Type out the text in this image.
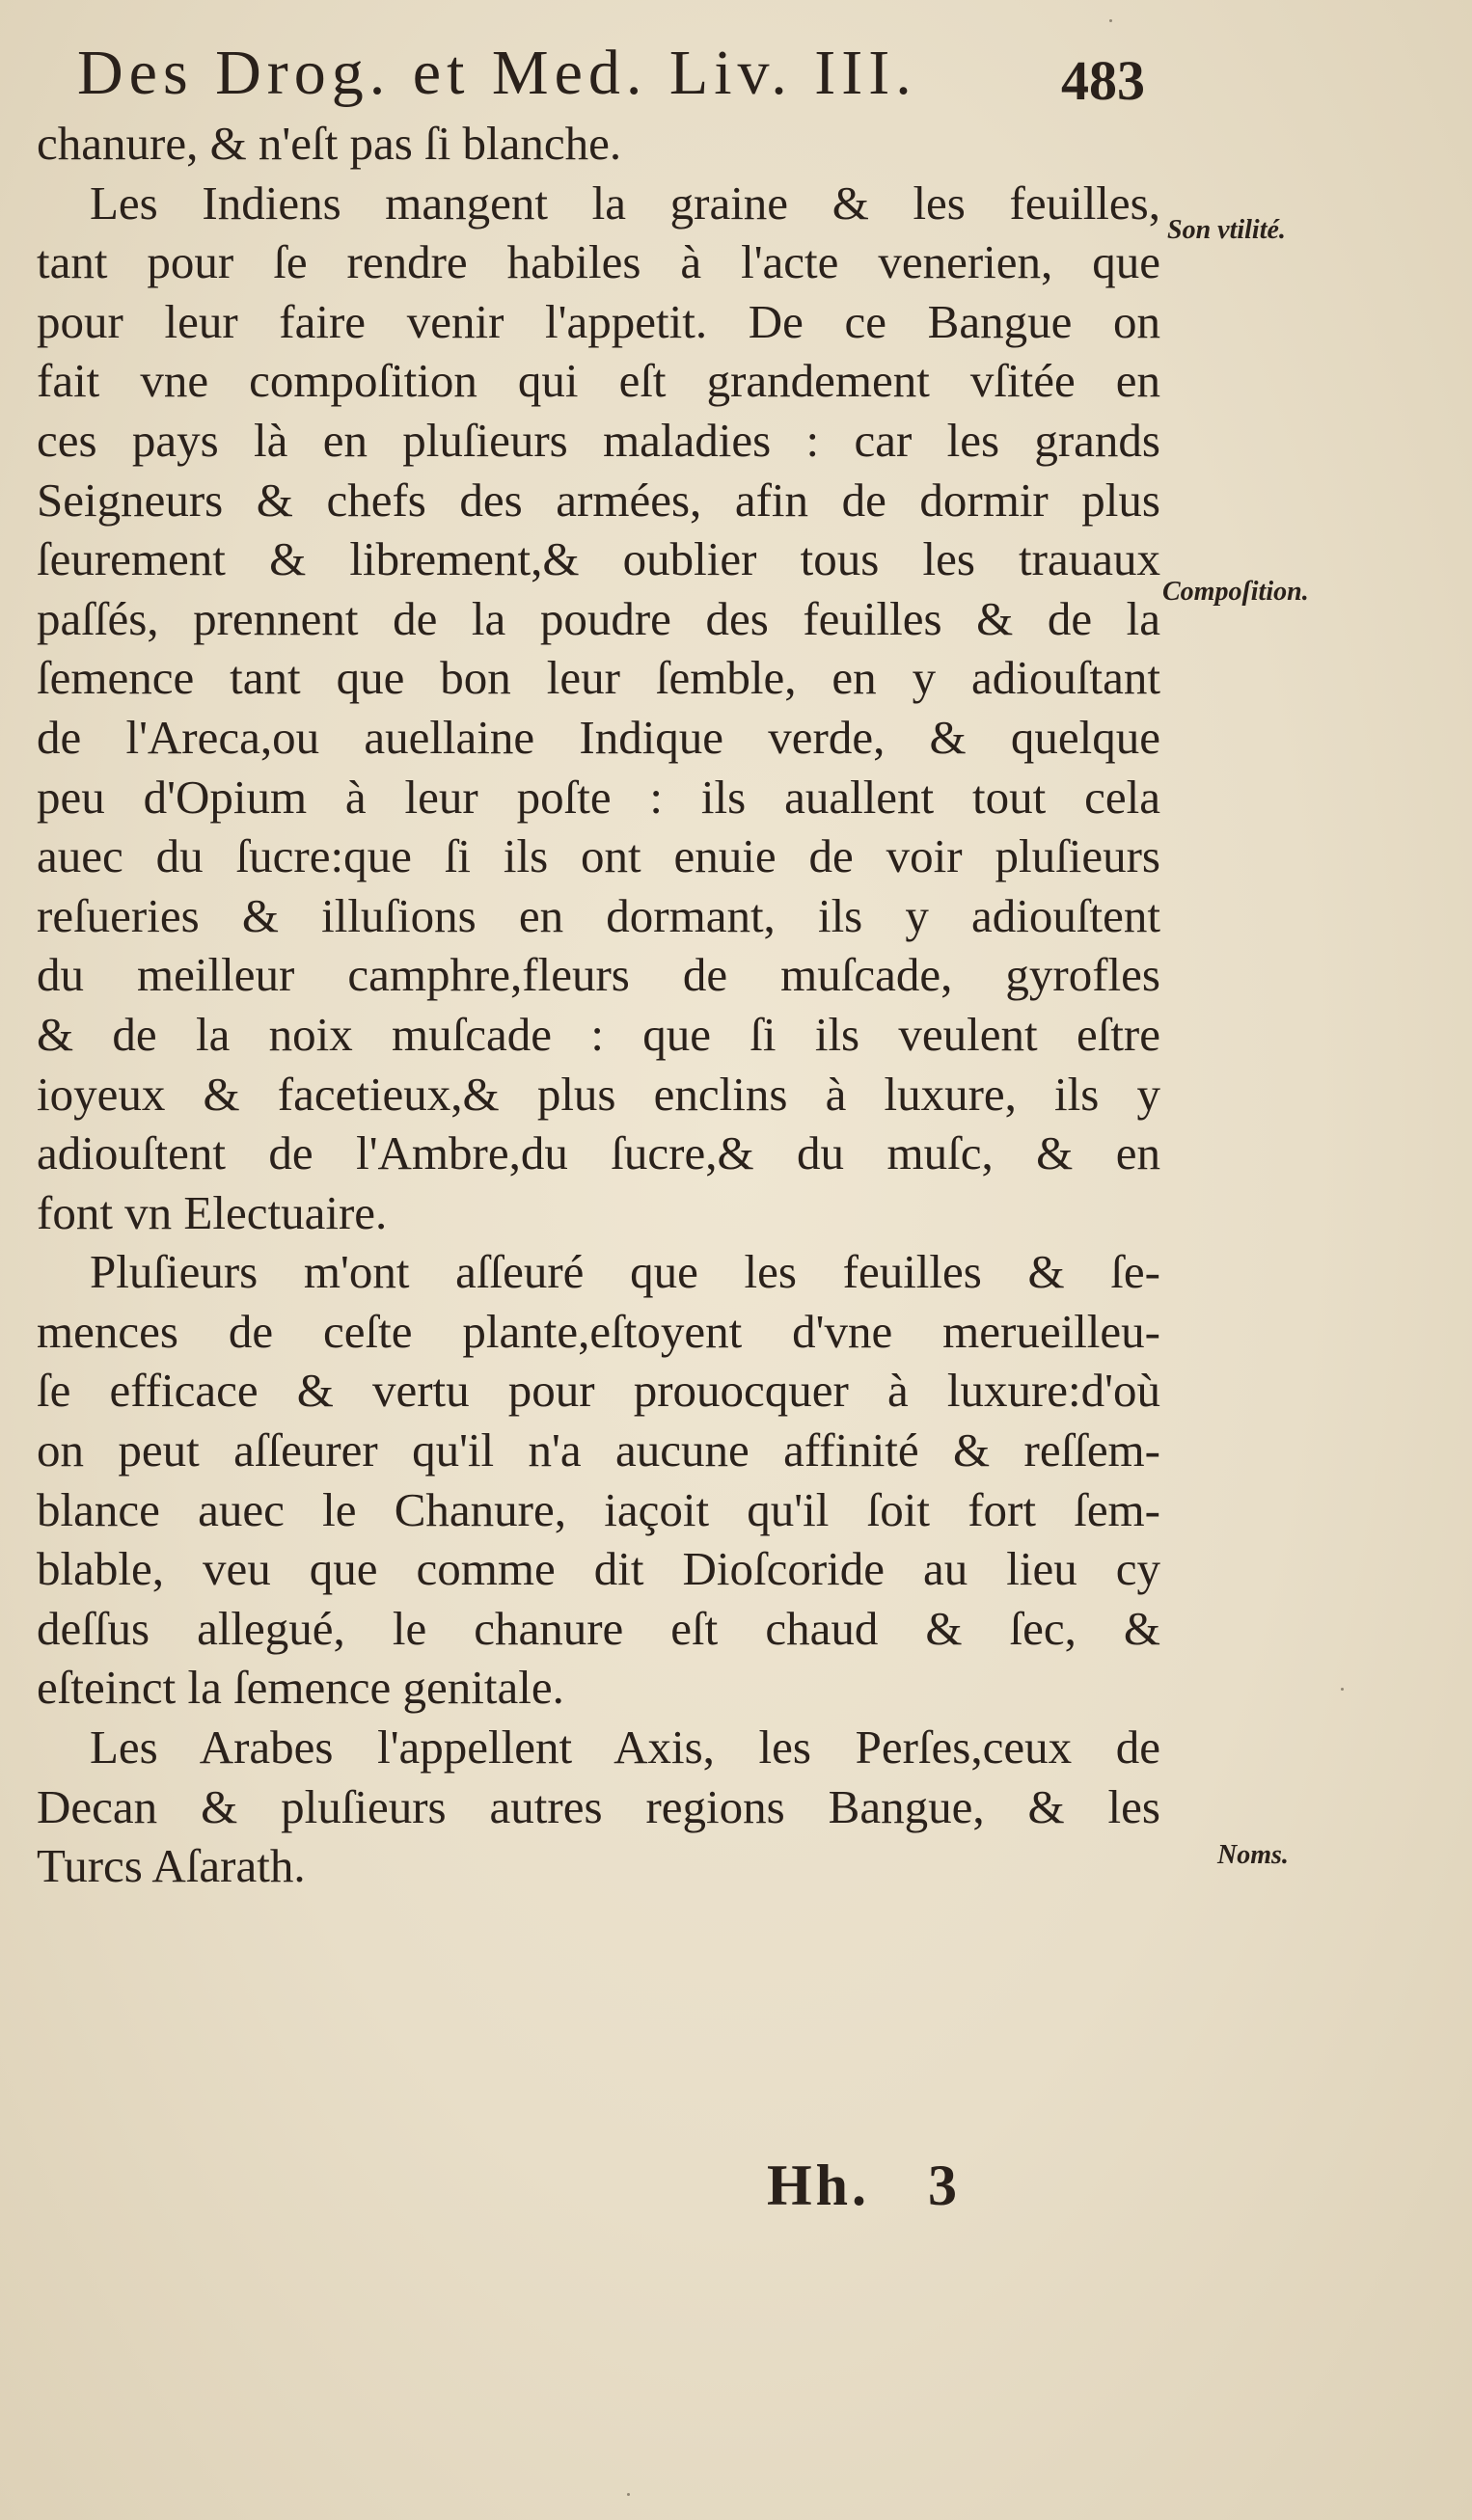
Des Drog. et Med. Liv. III.	483
chanure, & n'eſt pas ſi blanche.
Les Indiens mangent la graine & les feuilles,
tant pour ſe rendre habiles à l'acte venerien, que
pour leur faire venir l'appetit. De ce Bangue on
fait vne compoſition qui eſt grandement vſitée en
ces pays là en pluſieurs maladies : car les grands
Seigneurs & chefs des armées, afin de dormir plus
ſeurement & librement,& oublier tous les trauaux
paſſés, prennent de la poudre des feuilles & de la
ſemence tant que bon leur ſemble, en y adiouſtant
de l'Areca,ou auellaine Indique verde, & quelque
peu d'Opium à leur poſte : ils auallent tout cela
auec du ſucre:que ſi ils ont enuie de voir pluſieurs
reſueries & illuſions en dormant, ils y adiouſtent
du meilleur camphre,fleurs de muſcade, gyrofles
& de la noix muſcade : que ſi ils veulent eſtre
ioyeux & facetieux,& plus enclins à luxure, ils y
adiouſtent de l'Ambre,du ſucre,& du muſc, & en
font vn Electuaire.
Pluſieurs m'ont aſſeuré que les feuilles & ſe-
mences de ceſte plante,eſtoyent d'vne merueilleu-
ſe efficace & vertu pour prouocquer à luxure:d'où
on peut aſſeurer qu'il n'a aucune affinité & reſſem-
blance auec le Chanure, iaçoit qu'il ſoit fort ſem-
blable, veu que comme dit Dioſcoride au lieu cy
deſſus allegué, le chanure eſt chaud & ſec, &
eſteinct la ſemence genitale.
Les Arabes l'appellent Axis, les Perſes,ceux de
Decan & pluſieurs autres regions Bangue, & les
Turcs Aſarath.
Son vtilité.
Compoſition.
Noms.
Hh. 3
